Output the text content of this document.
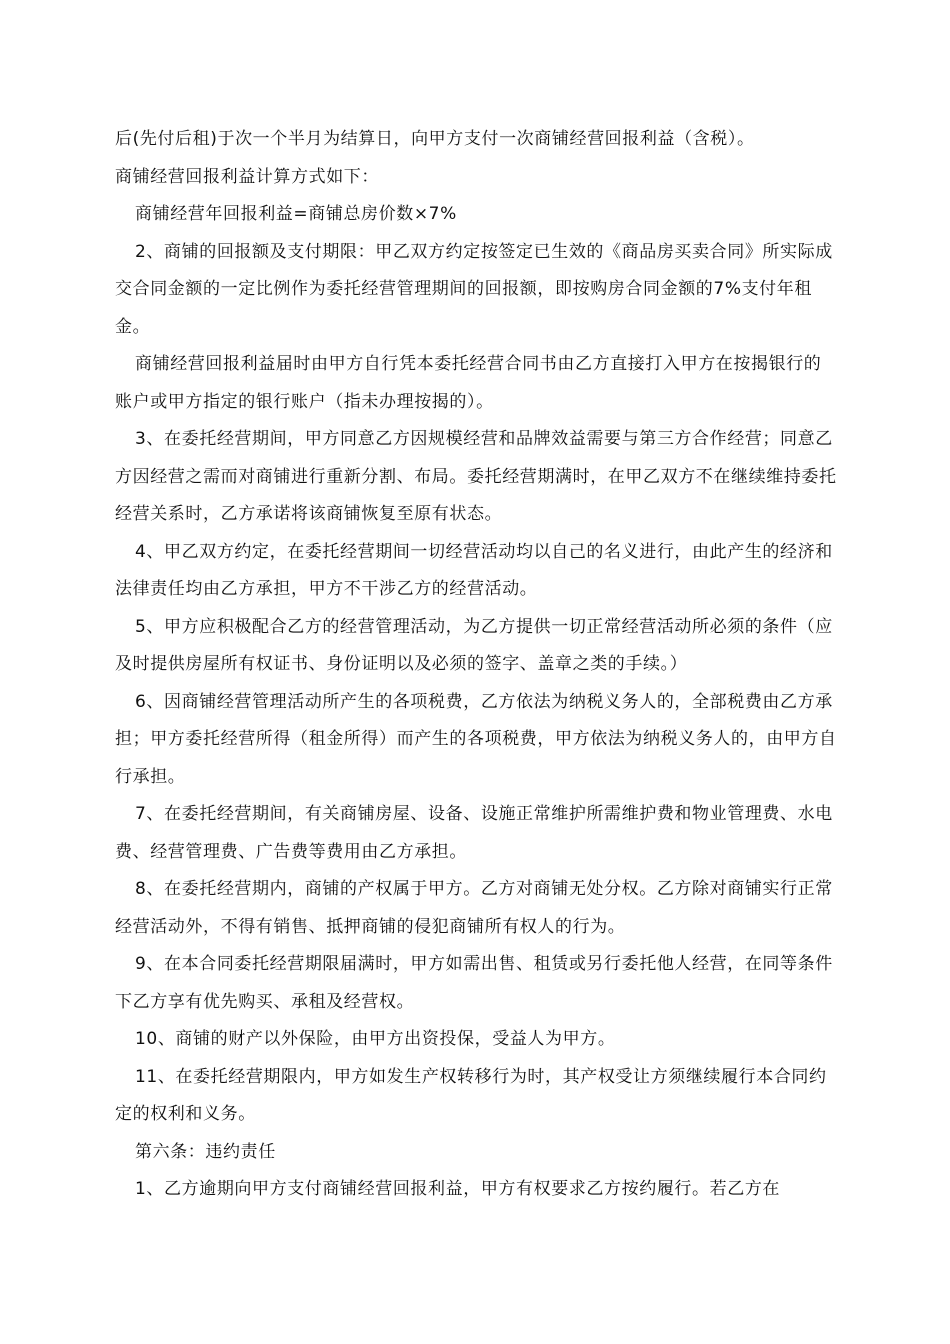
后(先付后租)于次一个半月为结算日，向甲方支付一次商铺经营回报利益（含税）。

商铺经营回报利益计算方式如下：

商铺经营年回报利益=商铺总房价数×7%

2、商铺的回报额及支付期限：甲乙双方约定按签定已生效的《商品房买卖合同》所实际成交合同金额的一定比例作为委托经营管理期间的回报额，即按购房合同金额的7%支付年租金。

商铺经营回报利益届时由甲方自行凭本委托经营合同书由乙方直接打入甲方在按揭银行的账户或甲方指定的银行账户（指未办理按揭的）。

3、在委托经营期间，甲方同意乙方因规模经营和品牌效益需要与第三方合作经营；同意乙方因经营之需而对商铺进行重新分割、布局。委托经营期满时，在甲乙双方不在继续维持委托经营关系时，乙方承诺将该商铺恢复至原有状态。

4、甲乙双方约定，在委托经营期间一切经营活动均以自己的名义进行，由此产生的经济和法律责任均由乙方承担，甲方不干涉乙方的经营活动。

5、甲方应积极配合乙方的经营管理活动，为乙方提供一切正常经营活动所必须的条件（应及时提供房屋所有权证书、身份证明以及必须的签字、盖章之类的手续。）

6、因商铺经营管理活动所产生的各项税费，乙方依法为纳税义务人的，全部税费由乙方承担；甲方委托经营所得（租金所得）而产生的各项税费，甲方依法为纳税义务人的，由甲方自行承担。

7、在委托经营期间，有关商铺房屋、设备、设施正常维护所需维护费和物业管理费、水电费、经营管理费、广告费等费用由乙方承担。

8、在委托经营期内，商铺的产权属于甲方。乙方对商铺无处分权。乙方除对商铺实行正常经营活动外，不得有销售、抵押商铺的侵犯商铺所有权人的行为。

9、在本合同委托经营期限届满时，甲方如需出售、租赁或另行委托他人经营，在同等条件下乙方享有优先购买、承租及经营权。

10、商铺的财产以外保险，由甲方出资投保，受益人为甲方。

11、在委托经营期限内，甲方如发生产权转移行为时，其产权受让方须继续履行本合同约定的权利和义务。

第六条：违约责任

1、乙方逾期向甲方支付商铺经营回报利益，甲方有权要求乙方按约履行。若乙方在
